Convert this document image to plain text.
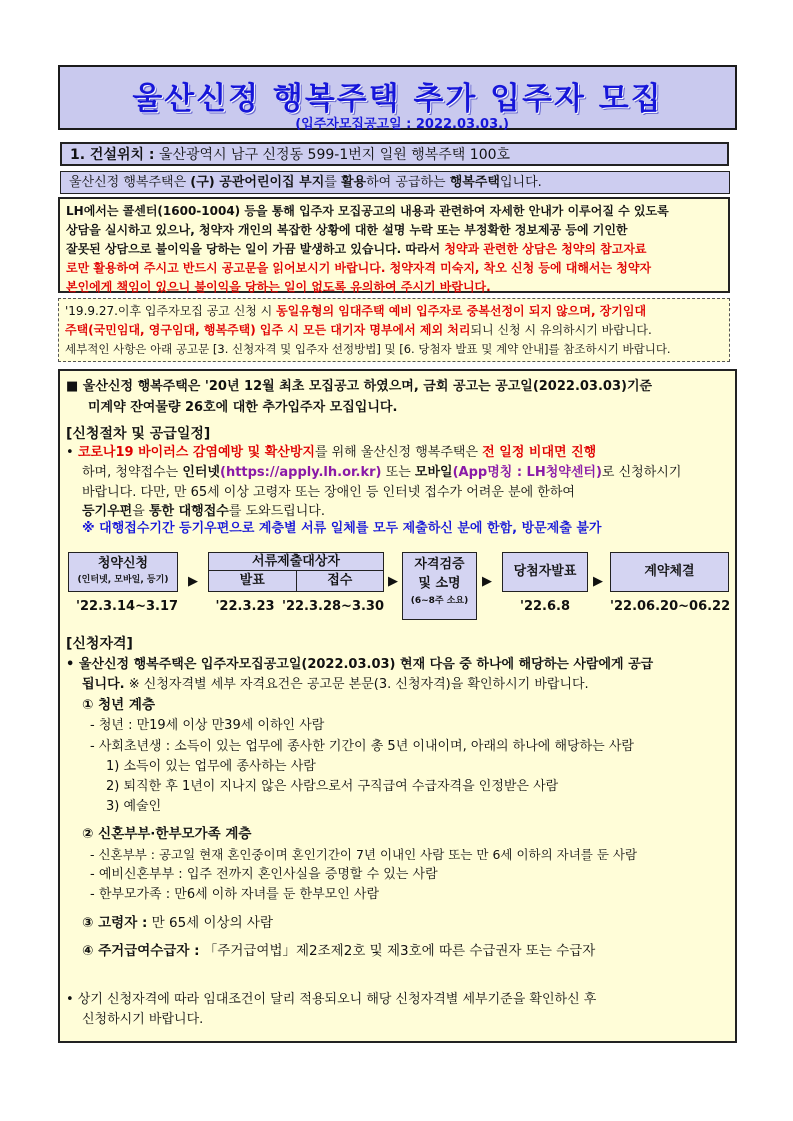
울산신정 행복주택 추가 입주자 모집
(입주자모집공고일 : 2022.03.03.)
1. 건설위치 : 울산광역시 남구 신정동 599-1번지 일원 행복주택 100호
울산신정 행복주택은 (구) 공관어린이집 부지를 활용하여 공급하는 행복주택입니다.
LH에서는 콜센터(1600-1004) 등을 통해 입주자 모집공고의 내용과 관련하여 자세한 안내가 이루어질 수 있도록
상담을 실시하고 있으나, 청약자 개인의 복잡한 상황에 대한 설명 누락 또는 부정확한 정보제공 등에 기인한
잘못된 상담으로 불이익을 당하는 일이 가끔 발생하고 있습니다. 따라서 청약과 관련한 상담은 청약의 참고자료
로만 활용하여 주시고 반드시 공고문을 읽어보시기 바랍니다. 청약자격 미숙지, 착오 신청 등에 대해서는 청약자
본인에게 책임이 있으니 불이익을 당하는 일이 없도록 유의하여 주시기 바랍니다.
'19.9.27.이후 입주자모집 공고 신청 시 동일유형의 임대주택 예비 입주자로 중복선정이 되지 않으며, 장기임대
주택(국민임대, 영구임대, 행복주택) 입주 시 모든 대기자 명부에서 제외 처리되니 신청 시 유의하시기 바랍니다.
세부적인 사항은 아래 공고문 [3. 신청자격 및 입주자 선정방법] 및 [6. 당첨자 발표 및 계약 안내]를 참조하시기 바랍니다.
■ 울산신정 행복주택은 '20년 12월 최초 모집공고 하였으며, 금회 공고는 공고일(2022.03.03)기준
미계약 잔여물량 26호에 대한 추가입주자 모집입니다.
[신청절차 및 공급일정]
• 코로나19 바이러스 감염예방 및 확산방지를 위해 울산신정 행복주택은 전 일정 비대면 진행
하며, 청약접수는 인터넷(https://apply.lh.or.kr) 또는 모바일(App명칭 : LH청약센터)로 신청하시기
바랍니다. 다만, 만 65세 이상 고령자 또는 장애인 등 인터넷 접수가 어려운 분에 한하여
등기우편을 통한 대행접수를 도와드립니다.
※ 대행접수기간 등기우편으로 계층별 서류 일체를 모두 제출하신 분에 한함, 방문제출 불가
청약신청
(인터넷, 모바일, 등기)
'22.3.14~3.17
▶
서류제출대상자
발표	접수
'22.3.23 '22.3.28~3.30
▶
자격검증
및 소명
(6~8주 소요)
▶
당첨자발표
'22.6.8
▶
계약체결
'22.06.20~06.22
[신청자격]
• 울산신정 행복주택은 입주자모집공고일(2022.03.03) 현재 다음 중 하나에 해당하는 사람에게 공급
됩니다. ※ 신청자격별 세부 자격요건은 공고문 본문(3. 신청자격)을 확인하시기 바랍니다.
① 청년 계층
- 청년 : 만19세 이상 만39세 이하인 사람
- 사회초년생 : 소득이 있는 업무에 종사한 기간이 총 5년 이내이며, 아래의 하나에 해당하는 사람
1) 소득이 있는 업무에 종사하는 사람
2) 퇴직한 후 1년이 지나지 않은 사람으로서 구직급여 수급자격을 인정받은 사람
3) 예술인
② 신혼부부·한부모가족 계층
- 신혼부부 : 공고일 현재 혼인중이며 혼인기간이 7년 이내인 사람 또는 만 6세 이하의 자녀를 둔 사람
- 예비신혼부부 : 입주 전까지 혼인사실을 증명할 수 있는 사람
- 한부모가족 : 만6세 이하 자녀를 둔 한부모인 사람
③ 고령자 : 만 65세 이상의 사람
④ 주거급여수급자 : 「주거급여법」제2조제2호 및 제3호에 따른 수급권자 또는 수급자
• 상기 신청자격에 따라 임대조건이 달리 적용되오니 해당 신청자격별 세부기준을 확인하신 후
신청하시기 바랍니다.
